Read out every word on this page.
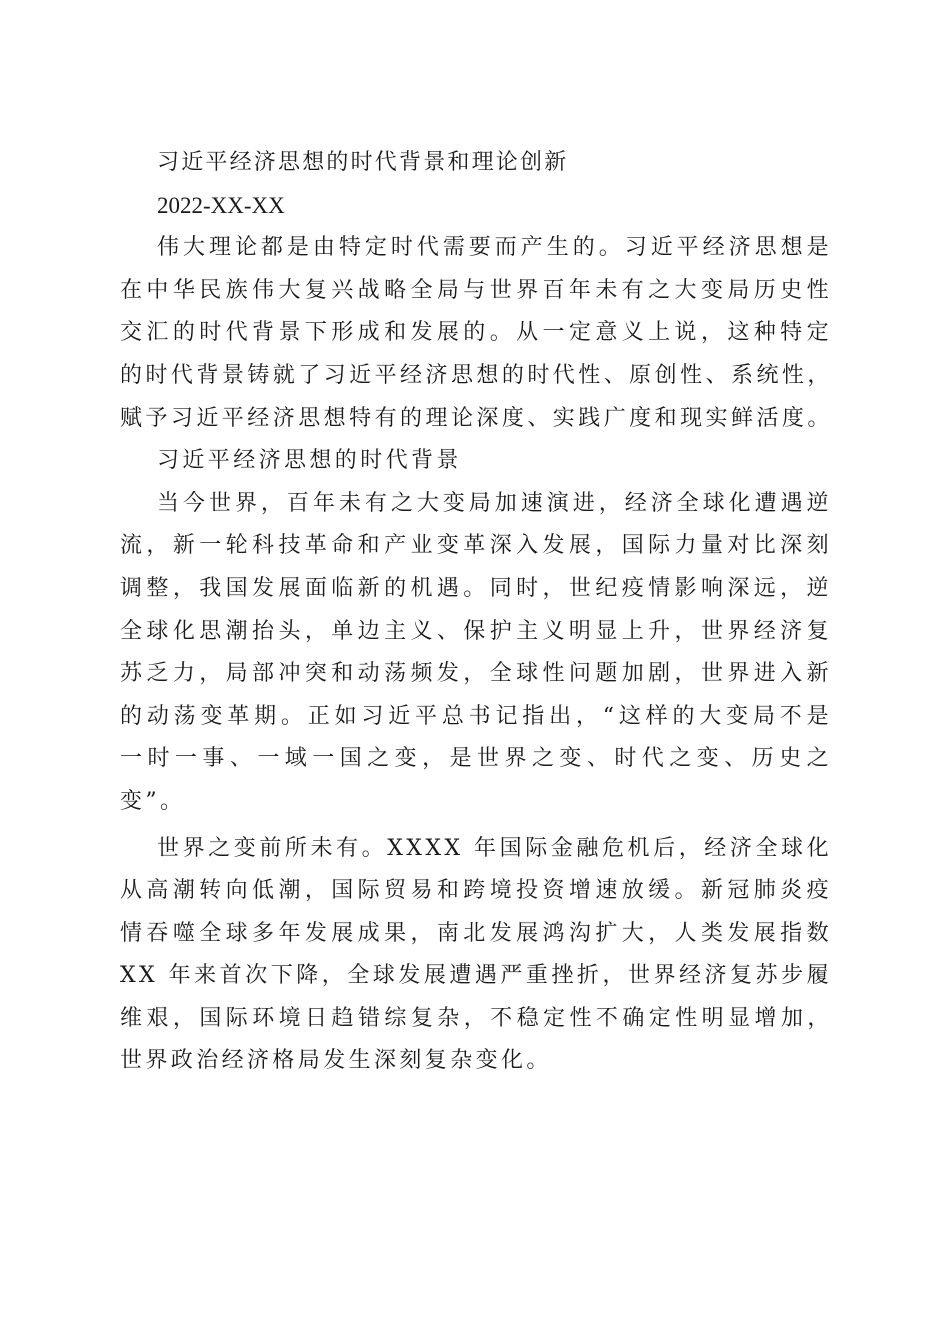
习近平经济思想的时代背景和理论创新

2022-XX-XX

伟大理论都是由特定时代需要而产生的。习近平经济思想是
在中华民族伟大复兴战略全局与世界百年未有之大变局历史性
交汇的时代背景下形成和发展的。从一定意义上说，这种特定
的时代背景铸就了习近平经济思想的时代性、原创性、系统性，
赋予习近平经济思想特有的理论深度、实践广度和现实鲜活度。

习近平经济思想的时代背景

当今世界，百年未有之大变局加速演进，经济全球化遭遇逆
流，新一轮科技革命和产业变革深入发展，国际力量对比深刻
调整，我国发展面临新的机遇。同时，世纪疫情影响深远，逆
全球化思潮抬头，单边主义、保护主义明显上升，世界经济复
苏乏力，局部冲突和动荡频发，全球性问题加剧，世界进入新
的动荡变革期。正如习近平总书记指出，“这样的大变局不是
一时一事、一域一国之变，是世界之变、时代之变、历史之
变”。
世界之变前所未有。XXXX 年国际金融危机后，经济全球化
从高潮转向低潮，国际贸易和跨境投资增速放缓。新冠肺炎疫
情吞噬全球多年发展成果，南北发展鸿沟扩大，人类发展指数
XX 年来首次下降，全球发展遭遇严重挫折，世界经济复苏步履
维艰，国际环境日趋错综复杂，不稳定性不确定性明显增加，
世界政治经济格局发生深刻复杂变化。
